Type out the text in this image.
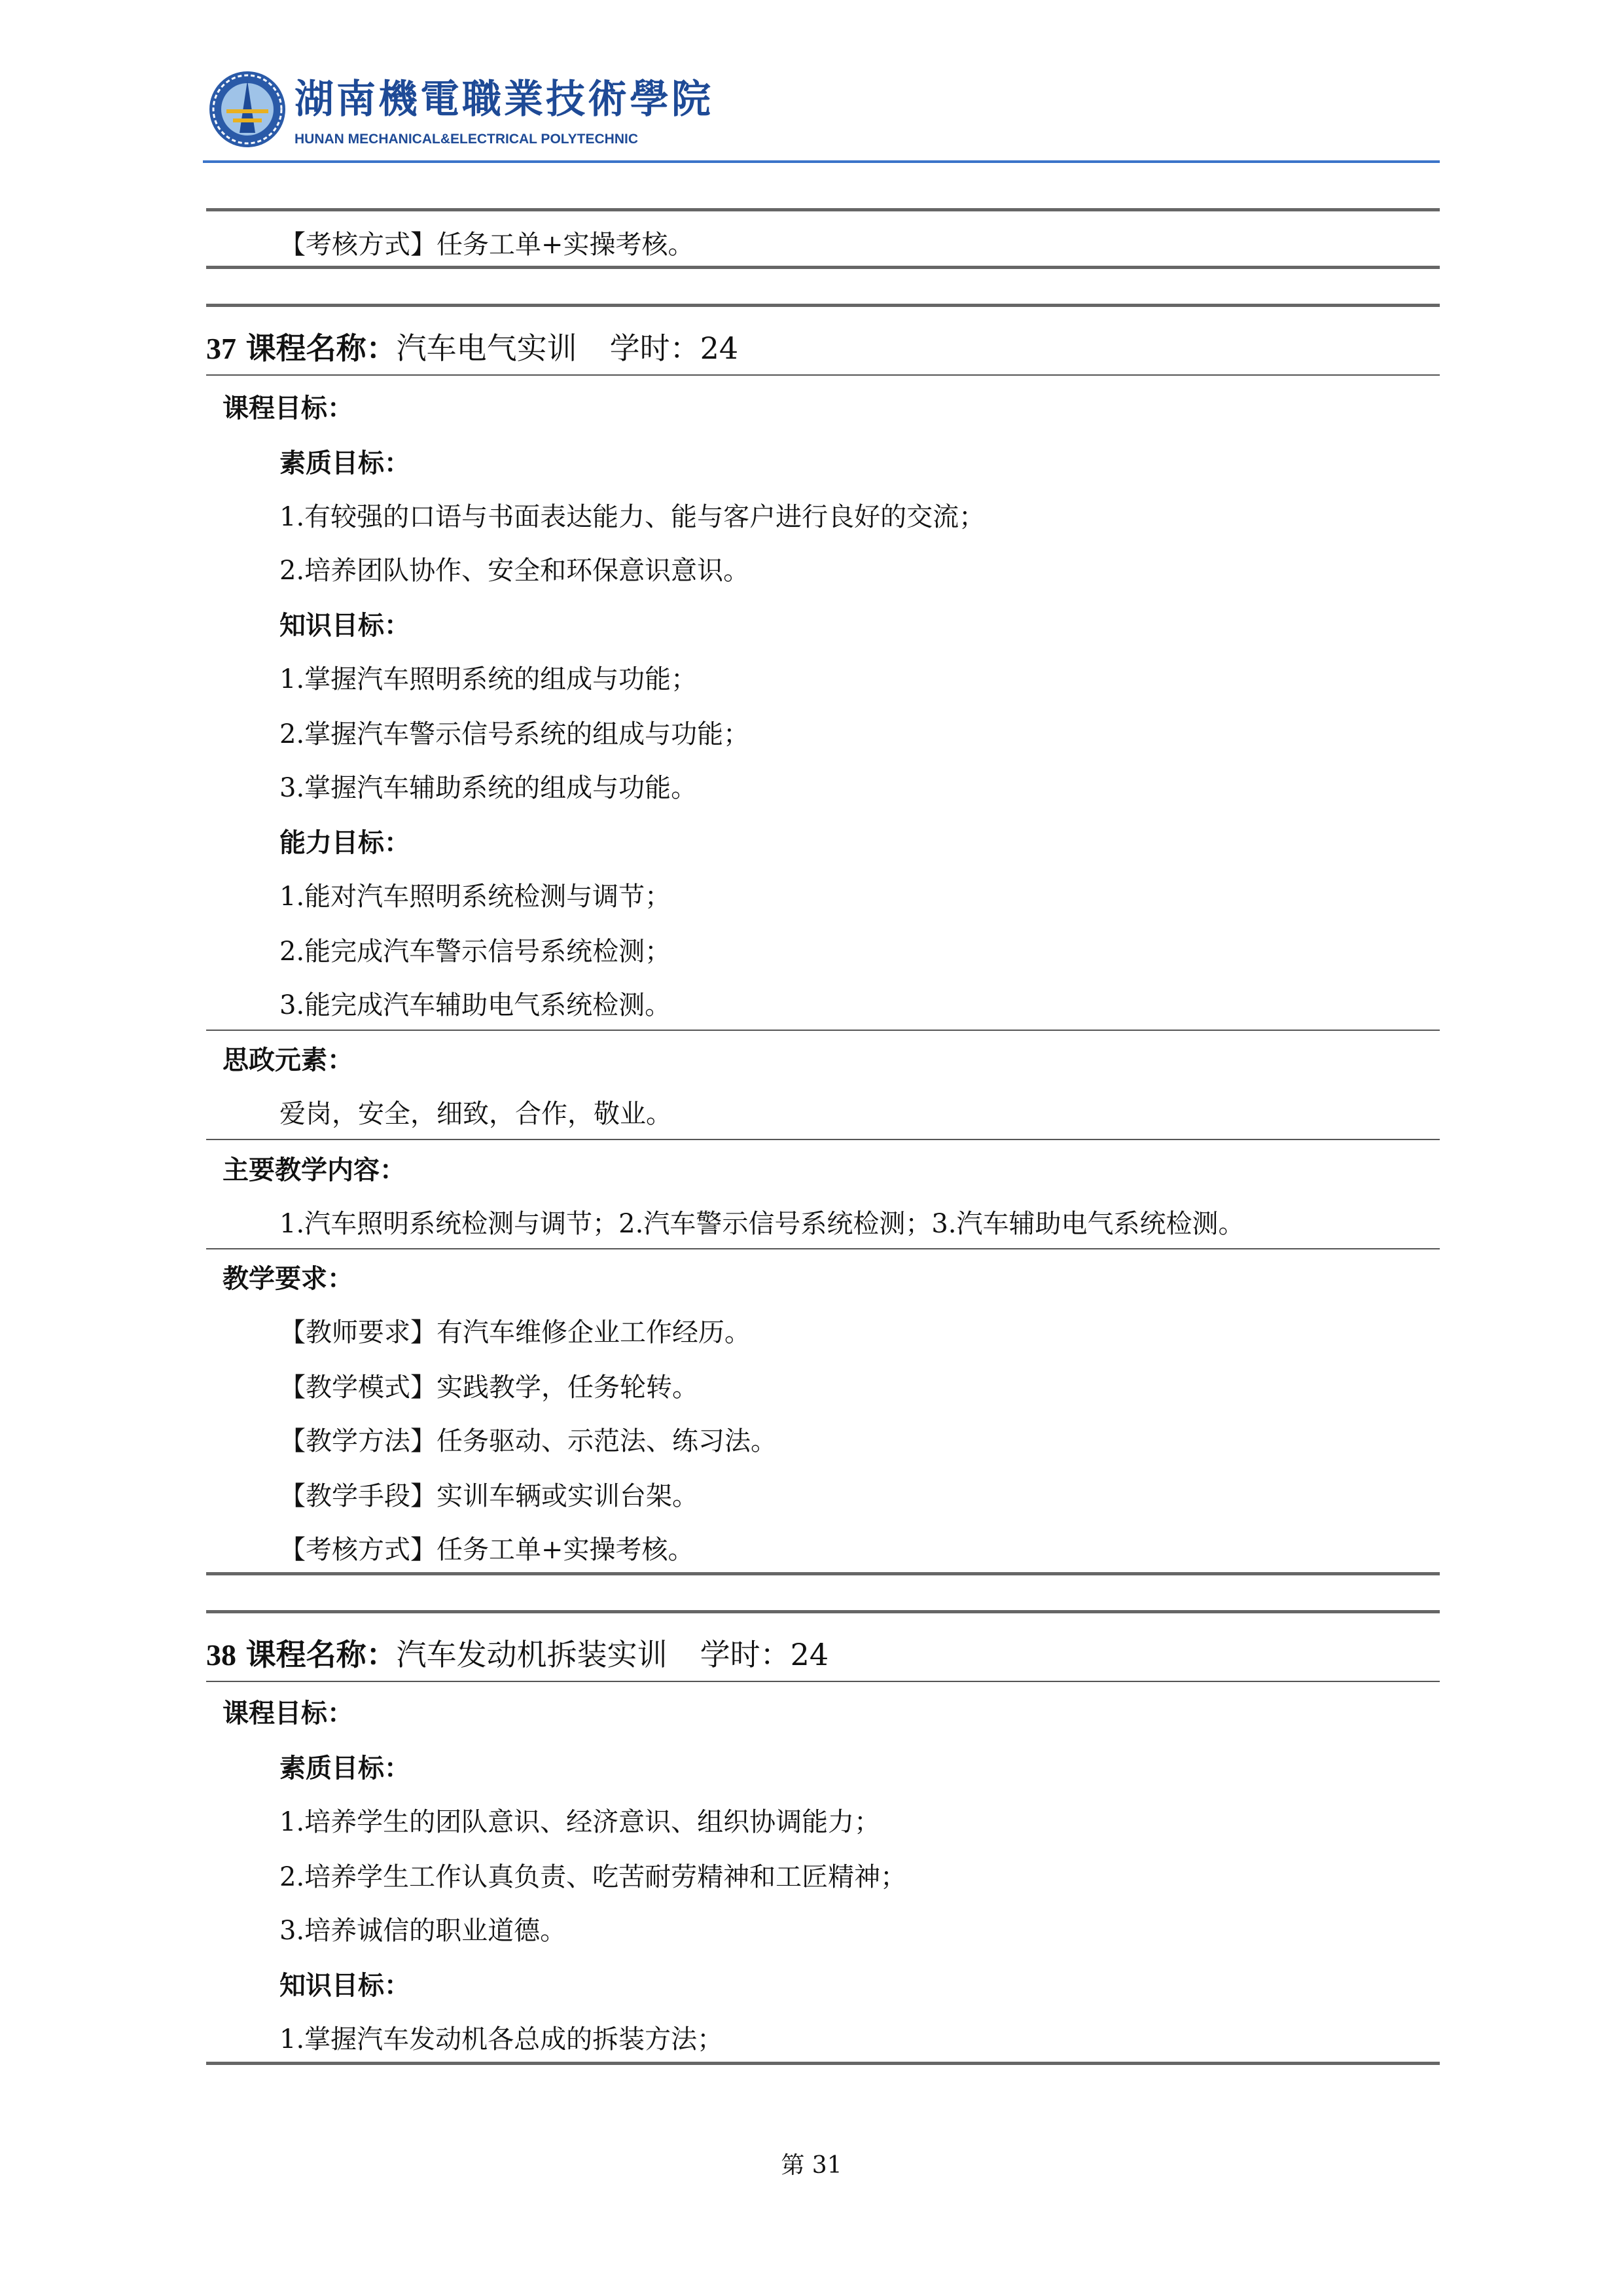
湖南機電職業技術學院
HUNAN MECHANICAL&ELECTRICAL POLYTECHNIC
【考核方式】任务工单+实操考核。
37 课程名称：汽车电气实训 学时：24
课程目标：
素质目标：
1.有较强的口语与书面表达能力、能与客户进行良好的交流；
2.培养团队协作、安全和环保意识意识。
知识目标：
1.掌握汽车照明系统的组成与功能；
2.掌握汽车警示信号系统的组成与功能；
3.掌握汽车辅助系统的组成与功能。
能力目标：
1.能对汽车照明系统检测与调节；
2.能完成汽车警示信号系统检测；
3.能完成汽车辅助电气系统检测。
思政元素：
爱岗，安全，细致，合作，敬业。
主要教学内容：
1.汽车照明系统检测与调节；2.汽车警示信号系统检测；3.汽车辅助电气系统检测。
教学要求：
【教师要求】有汽车维修企业工作经历。
【教学模式】实践教学，任务轮转。
【教学方法】任务驱动、示范法、练习法。
【教学手段】实训车辆或实训台架。
【考核方式】任务工单+实操考核。
38 课程名称：汽车发动机拆装实训 学时：24
课程目标：
素质目标：
1.培养学生的团队意识、经济意识、组织协调能力；
2.培养学生工作认真负责、吃苦耐劳精神和工匠精神；
3.培养诚信的职业道德。
知识目标：
1.掌握汽车发动机各总成的拆装方法；
第 31
